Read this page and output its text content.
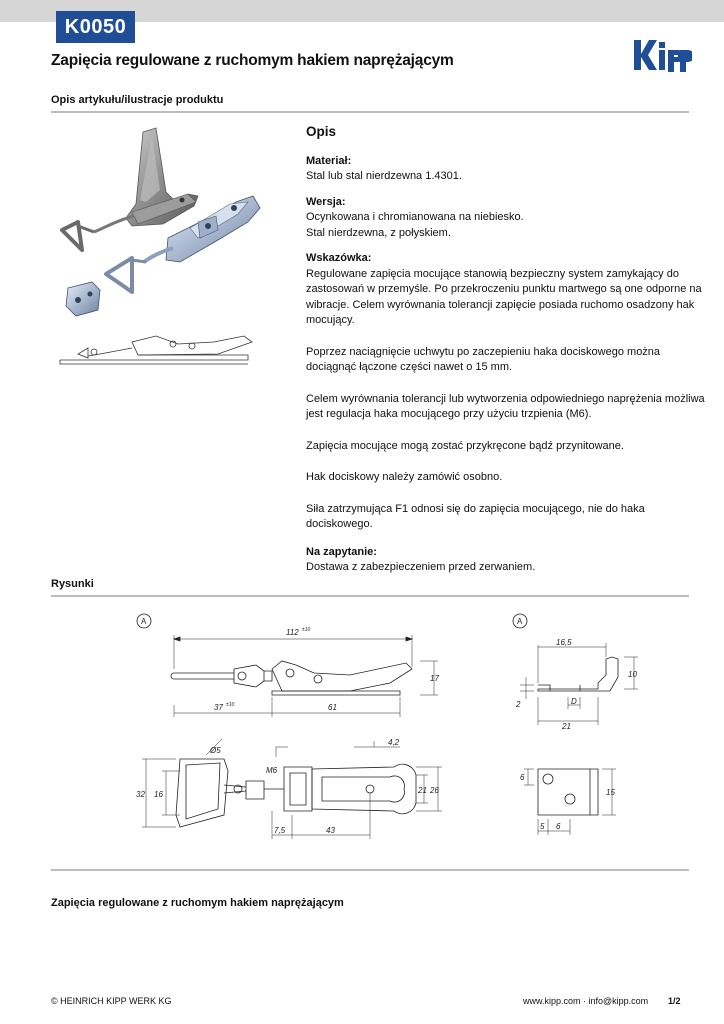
K0050
Zapięcia regulowane z ruchomym hakiem naprężającym
Opis artykułu/ilustracje produktu
Opis

Materiał:

Stal lub stal nierdzewna 1.4301.

Wersja:

Ocynkowana i chromianowana na niebiesko.

Stal nierdzewna, z połyskiem.

Wskazówka:

Regulowane zapięcia mocujące stanowią bezpieczny system zamykający do zastosowań w przemyśle. Po przekroczeniu punktu martwego są one odporne na wibracje. Celem wyrównania tolerancji zapięcie posiada ruchomo osadzony hak mocujący.

Poprzez naciągnięcie uchwytu po zaczepieniu haka dociskowego można dociągnąć łączone części nawet o 15 mm.

Celem wyrównania tolerancji lub wytworzenia odpowiedniego naprężenia możliwa jest regulacja haka mocującego przy użyciu trzpienia (M6).

Zapięcia mocujące mogą zostać przykręcone bądź przynitowane.

Hak dociskowy należy zamówić osobno.

Siła zatrzymująca F1 odnosi się do zapięcia mocującego, nie do haka dociskowego.

Na zapytanie:

Dostawa z zabezpieczeniem przed zerwaniem.

Rysunki
A	A
112 ±10
37 ±10	61
17
Ø5
M6
4,2
32 16	21 26
7,5	43
16,5
10
2	D
21
6
15
5 6
Zapięcia regulowane z ruchomym hakiem naprężającym
© HEINRICH KIPP WERK KG	www.kipp.com · info@kipp.com 1/2
